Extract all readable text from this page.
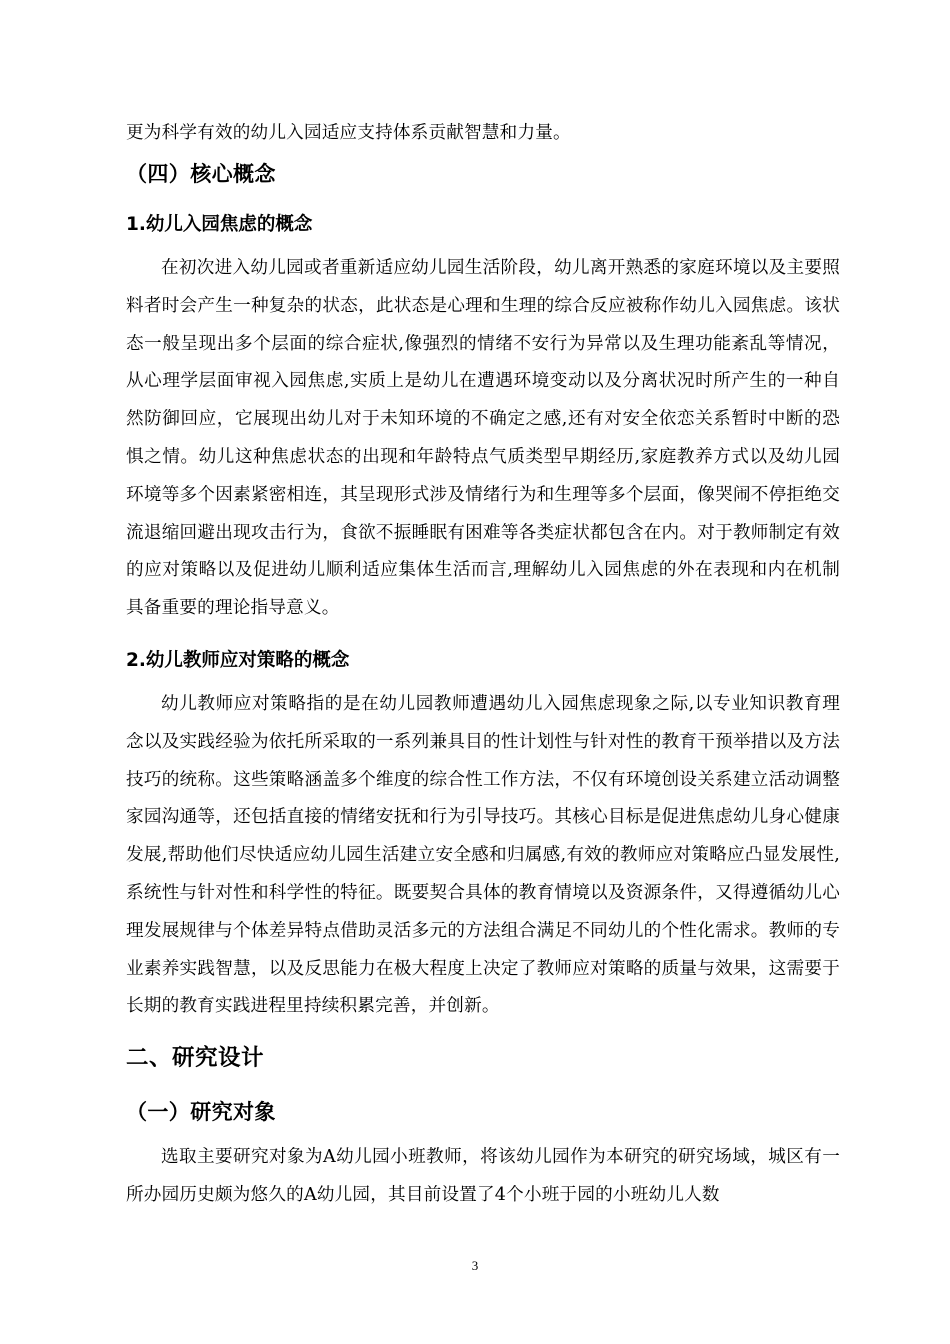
更为科学有效的幼儿入园适应支持体系贡献智慧和力量。
（四）核心概念
1.幼儿入园焦虑的概念
在初次进入幼儿园或者重新适应幼儿园生活阶段，幼儿离开熟悉的家庭环境以及主要照料者时会产生一种复杂的状态，此状态是心理和生理的综合反应被称作幼儿入园焦虑。该状态一般呈现出多个层面的综合症状,像强烈的情绪不安行为异常以及生理功能紊乱等情况，从心理学层面审视入园焦虑,实质上是幼儿在遭遇环境变动以及分离状况时所产生的一种自然防御回应，它展现出幼儿对于未知环境的不确定之感,还有对安全依恋关系暂时中断的恐惧之情。幼儿这种焦虑状态的出现和年龄特点气质类型早期经历,家庭教养方式以及幼儿园环境等多个因素紧密相连，其呈现形式涉及情绪行为和生理等多个层面，像哭闹不停拒绝交流退缩回避出现攻击行为，食欲不振睡眠有困难等各类症状都包含在内。对于教师制定有效的应对策略以及促进幼儿顺利适应集体生活而言,理解幼儿入园焦虑的外在表现和内在机制具备重要的理论指导意义。
2.幼儿教师应对策略的概念
幼儿教师应对策略指的是在幼儿园教师遭遇幼儿入园焦虑现象之际,以专业知识教育理念以及实践经验为依托所采取的一系列兼具目的性计划性与针对性的教育干预举措以及方法技巧的统称。这些策略涵盖多个维度的综合性工作方法，不仅有环境创设关系建立活动调整家园沟通等，还包括直接的情绪安抚和行为引导技巧。其核心目标是促进焦虑幼儿身心健康发展,帮助他们尽快适应幼儿园生活建立安全感和归属感,有效的教师应对策略应凸显发展性,系统性与针对性和科学性的特征。既要契合具体的教育情境以及资源条件，又得遵循幼儿心理发展规律与个体差异特点借助灵活多元的方法组合满足不同幼儿的个性化需求。教师的专业素养实践智慧，以及反思能力在极大程度上决定了教师应对策略的质量与效果，这需要于长期的教育实践进程里持续积累完善，并创新。
二、研究设计
（一）研究对象
选取主要研究对象为A幼儿园小班教师，将该幼儿园作为本研究的研究场域，城区有一所办园历史颇为悠久的A幼儿园，其目前设置了4个小班于园的小班幼儿人数
3
